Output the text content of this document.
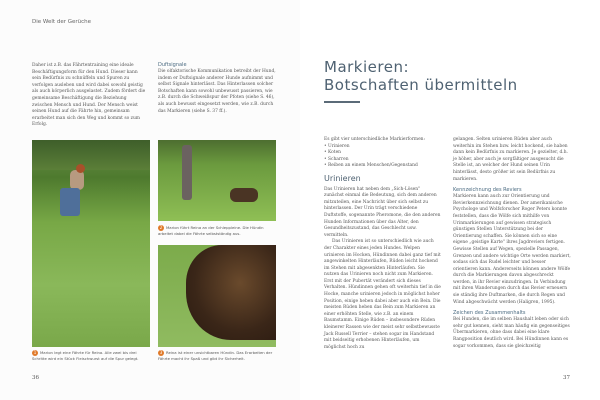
Die Welt der Gerüche

Daher ist z.B. das Fährtentraining eine ideale Beschäftigungsform für den Hund. Dieser kann sein Bedürfnis zu schnüffeln und Spuren zu verfolgen ausleben und wird dabei sowohl geistig als auch körperlich ausgelastet. Zudem fördert die gemeinsame Beschäftigung die Beziehung zwischen Mensch und Hund. Der Mensch weist seinen Hund auf die Fährte hin, gemeinsam erarbeitet man sich den Weg und kommt so zum Erfolg.

Duftsignale

Die olfaktorische Kommunikation betreibt der Hund, indem er Duftsignale anderer Hunde aufnimmt und selbst Signale hinterlässt. Das Hinterlassen solcher Botschaften kann sowohl unbewusst passieren, wie z.B. durch die Schweißspur der Pfoten (siehe S. 46), als auch bewusst eingesetzt werden, wie z.B. durch das Markieren (siehe S. 37 ff.).

2 Marion führt Reina an der Schleppleine. Die Hündin arbeitet dabei die Fährte selbstständig aus.
1 Marion legt eine Fährte für Reina. Alle zwei bis drei Schritte wird ein Stück Fleischwurst auf die Spur gelegt.
3 Reina ist einer unsichtbaren Hündin. Das Erarbeiten der Fährte macht ihr Spaß und gibt ihr Sicherheit.
36
Markieren:
Botschaften übermitteln

Es gibt vier unterschiedliche Markierformen:

• Urinieren
• Koten
• Scharren
• Reiben an einem Menschen/Gegenstand
Urinieren

Das Urinieren hat neben dem „Sich-Lösen" zunächst einmal die Bedeutung, sich dem anderen mitzuteilen, eine Nachricht über sich selbst zu hinterlassen. Der Urin trägt verschiedene Duftstoffe, sogenannte Pheromone, die den anderen Hunden Informationen über das Alter, den Gesundheitszustand, das Geschlecht usw. vermitteln.

Das Urinieren ist so unterschiedlich wie auch der Charakter eines jeden Hundes. Welpen urinieren im Hocken, Hündinnen dabei ganz tief mit angewinkelten Hinterläufen, Rüden leicht hockend im Stehen mit abgesenkten Hinterläufen. Sie nutzen das Urinieren noch nicht zum Markieren. Erst mit der Pubertät verändert sich dieses Verhalten. Hündinnen gehen oft weiterhin tief in die Hocke, manche urinieren jedoch in möglichst hoher Position, einige heben dabei aber auch ein Bein. Die meisten Rüden heben das Bein zum Markieren an einer erhöhten Stelle, wie z.B. an einem Baumstamm. Einige Rüden – insbesondere Rüden kleinerer Rassen wie der meist sehr selbstbewusste Jack Russell Terrier – stehen sogar im Handstand mit beidseitig erhobenen Hinterläufen, um möglichst hoch zu

gelangen. Selten urinieren Rüden aber auch weiterhin im Stehen bzw. leicht hockend, sie haben dann kein Bedürfnis zu markieren. Je gezielter, d.h. je höher, aber auch je sorgfältiger ausgesucht die Stelle ist, an welcher der Hund seinen Urin hinterlässt, desto größer ist sein Bedürfnis zu markieren.

Kennzeichnung des Reviers

Markieren kann auch zur Orientierung und Revierkennzeichnung dienen. Der amerikanische Psychologe und Wolfsforscher Roger Peters konnte feststellen, dass die Wölfe sich mithilfe von Urinmarkierungen auf gewissen strategisch günstigen Stellen Unterstützung bei der Orientierung schaffen. Sie können sich so eine eigene „geistige Karte" ihres Jagdreviers fertigen. Gewisse Stellen auf Wegen, spezielle Passagen, Grenzen und andere wichtige Orte werden markiert, sodass sich das Rudel leichter und besser orientieren kann. Andererseits können andere Wölfe durch die Markierungen davon abgeschreckt werden, in ihr Revier einzudringen. In Verbindung mit ihren Wanderungen durch das Revier erneuern sie ständig ihre Duftmarken, die durch Regen und Wind abgeschwächt werden (Haligren, 1995).

Zeichen des Zusammenhalts

Bei Hunden, die im selben Haushalt leben oder sich sehr gut kennen, sieht man häufig ein gegenseitiges Übermarkieren, ohne dass dabei eine klare Rangposition deutlich wird. Bei Hündinnen kann es sogar vorkommen, dass sie gleichzeitig

37
